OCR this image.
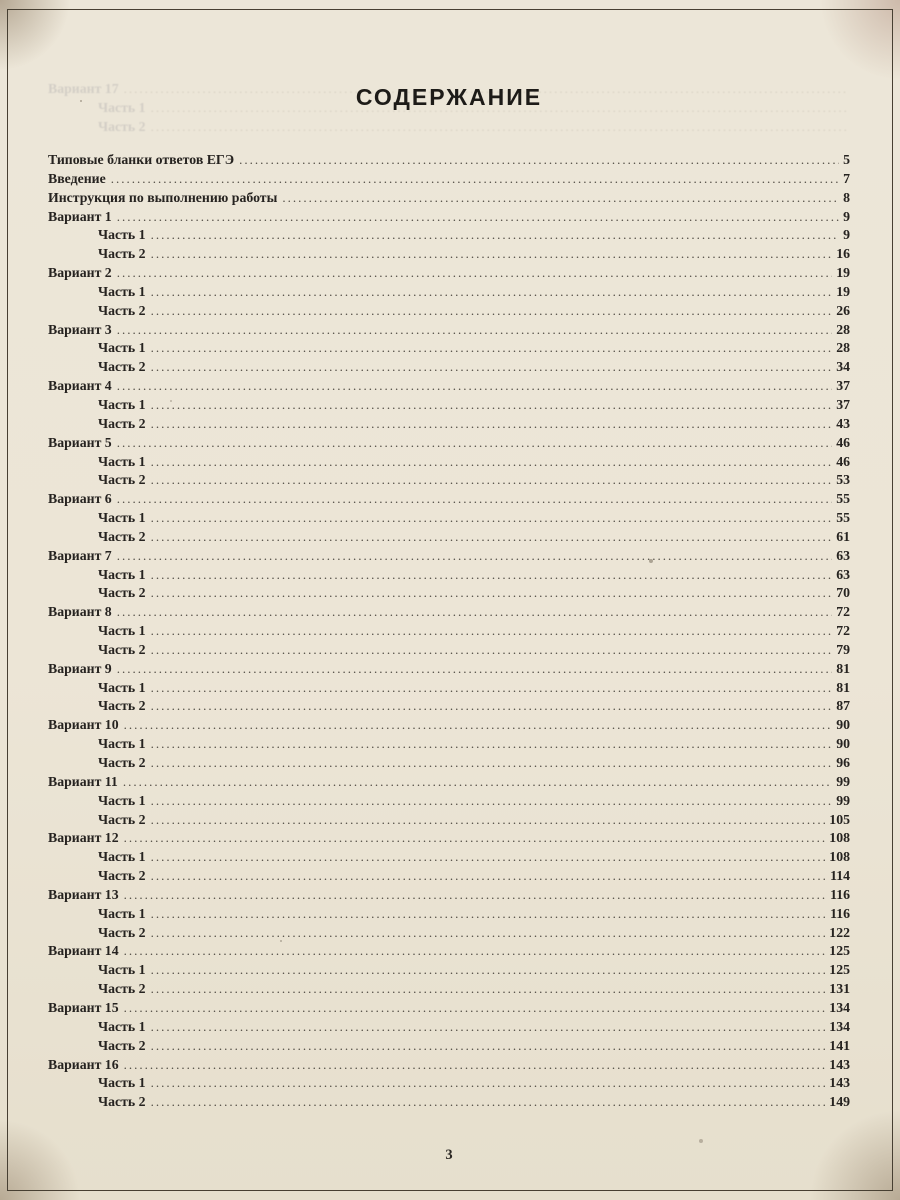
Вариант 17
.....
Часть 1
.....
Часть 2
.....
СОДЕРЖАНИЕ
Типовые бланки ответов ЕГЭ .....	5
Введение .....	7
Инструкция по выполнению работы .....	8
Вариант 1 .....	9
Часть 1 .....	9
Часть 2 .....	16
Вариант 2 .....	19
Часть 1 .....	19
Часть 2 .....	26
Вариант 3 .....	28
Часть 1 .....	28
Часть 2 .....	34
Вариант 4 .....	37
Часть 1 .....	37
Часть 2 .....	43
Вариант 5 .....	46
Часть 1 .....	46
Часть 2 .....	53
Вариант 6 .....	55
Часть 1 .....	55
Часть 2 .....	61
Вариант 7 .....	63
Часть 1 .....	63
Часть 2 .....	70
Вариант 8 .....	72
Часть 1 .....	72
Часть 2 .....	79
Вариант 9 .....	81
Часть 1 .....	81
Часть 2 .....	87
Вариант 10 .....	90
Часть 1 .....	90
Часть 2 .....	96
Вариант 11 .....	99
Часть 1 .....	99
Часть 2 .....	105
Вариант 12 .....	108
Часть 1 .....	108
Часть 2 .....	114
Вариант 13 .....	116
Часть 1 .....	116
Часть 2 .....	122
Вариант 14 .....	125
Часть 1 .....	125
Часть 2 .....	131
Вариант 15 .....	134
Часть 1 .....	134
Часть 2 .....	141
Вариант 16 .....	143
Часть 1 .....	143
Часть 2 .....	149
3
